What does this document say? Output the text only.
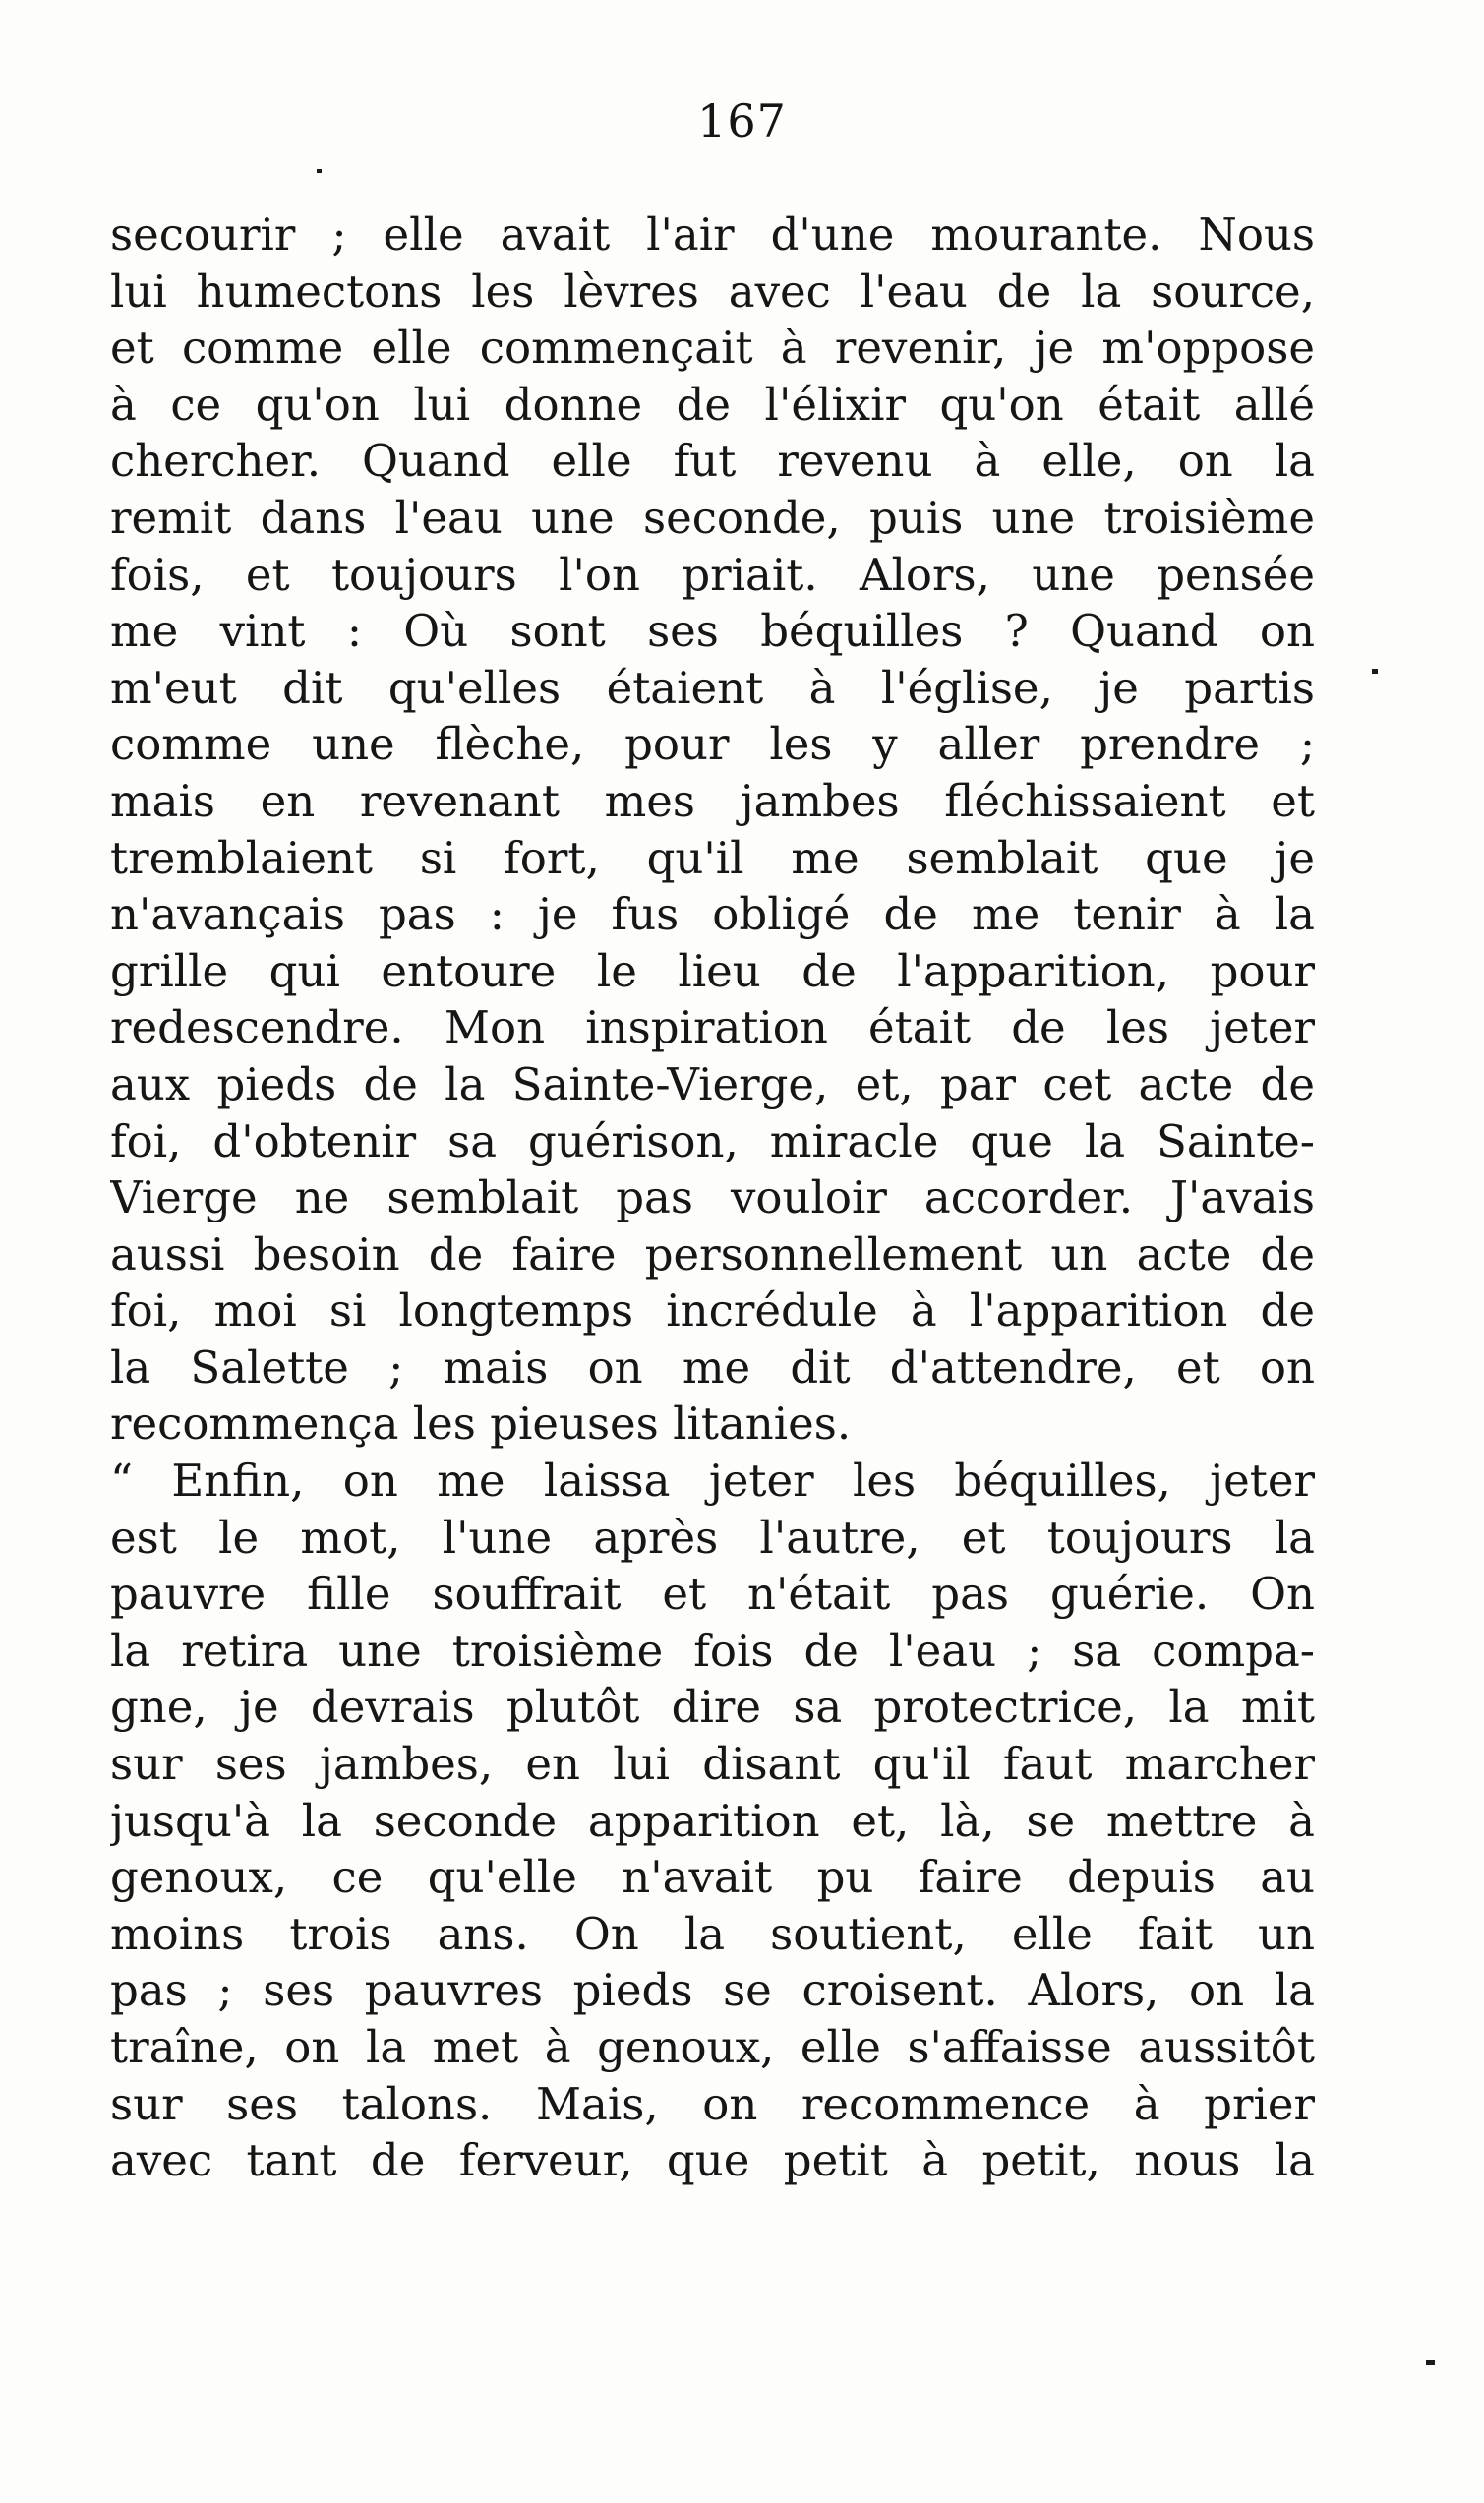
167
secourir ; elle avait l'air d'une mourante. Nous
lui humectons les lèvres avec l'eau de la source,
et comme elle commençait à revenir, je m'oppose
à ce qu'on lui donne de l'élixir qu'on était allé
chercher. Quand elle fut revenu à elle, on la
remit dans l'eau une seconde, puis une troisième
fois, et toujours l'on priait. Alors, une pensée
me vint : Où sont ses béquilles ? Quand on
m'eut dit qu'elles étaient à l'église, je partis
comme une flèche, pour les y aller prendre ;
mais en revenant mes jambes fléchissaient et
tremblaient si fort, qu'il me semblait que je
n'avançais pas : je fus obligé de me tenir à la
grille qui entoure le lieu de l'apparition, pour
redescendre. Mon inspiration était de les jeter
aux pieds de la Sainte-Vierge, et, par cet acte de
foi, d'obtenir sa guérison, miracle que la Sainte-
Vierge ne semblait pas vouloir accorder. J'avais
aussi besoin de faire personnellement un acte de
foi, moi si longtemps incrédule à l'apparition de
la Salette ; mais on me dit d'attendre, et on
recommença les pieuses litanies.
“ Enfin, on me laissa jeter les béquilles, jeter
est le mot, l'une après l'autre, et toujours la
pauvre fille souffrait et n'était pas guérie. On
la retira une troisième fois de l'eau ; sa compa-
gne, je devrais plutôt dire sa protectrice, la mit
sur ses jambes, en lui disant qu'il faut marcher
jusqu'à la seconde apparition et, là, se mettre à
genoux, ce qu'elle n'avait pu faire depuis au
moins trois ans. On la soutient, elle fait un
pas ; ses pauvres pieds se croisent. Alors, on la
traîne, on la met à genoux, elle s'affaisse aussitôt
sur ses talons. Mais, on recommence à prier
avec tant de ferveur, que petit à petit, nous la
